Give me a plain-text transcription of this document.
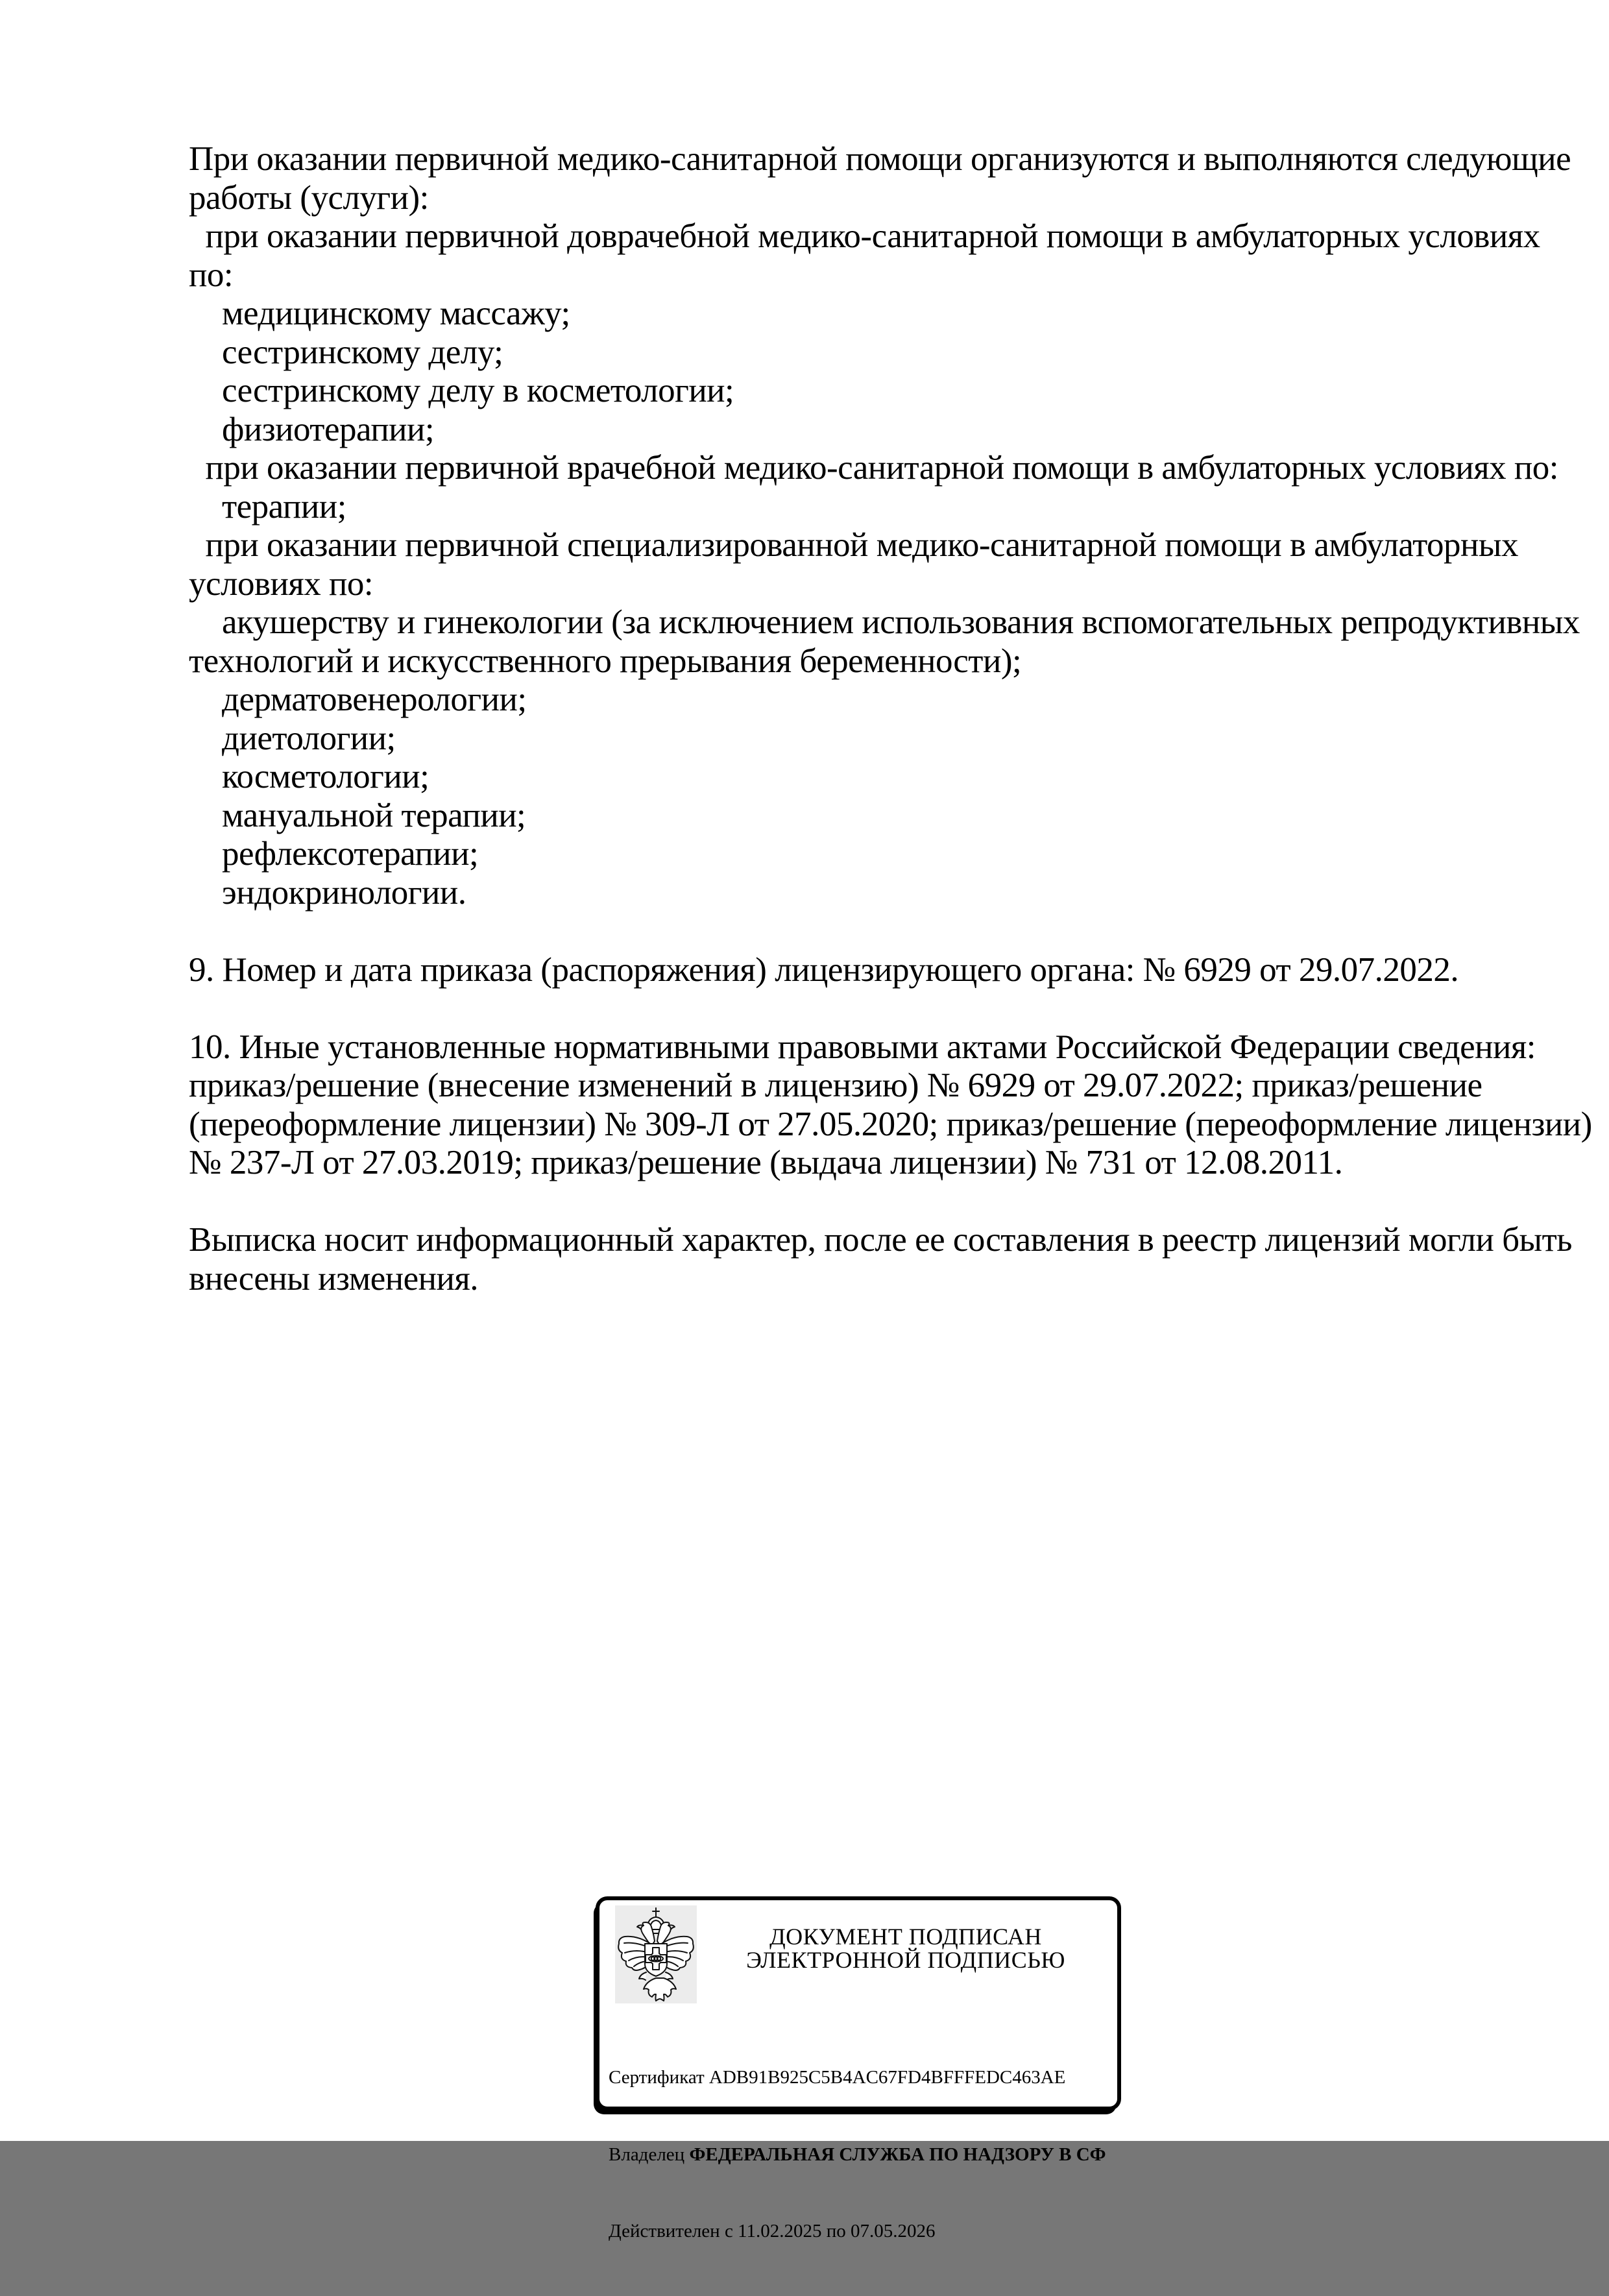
При оказании первичной медико-санитарной помощи организуются и выполняются следующие
работы (услуги):
при оказании первичной доврачебной медико-санитарной помощи в амбулаторных условиях
по:
медицинскому массажу;
сестринскому делу;
сестринскому делу в косметологии;
физиотерапии;
при оказании первичной врачебной медико-санитарной помощи в амбулаторных условиях по:
терапии;
при оказании первичной специализированной медико-санитарной помощи в амбулаторных
условиях по:
акушерству и гинекологии (за исключением использования вспомогательных репродуктивных
технологий и искусственного прерывания беременности);
дерматовенерологии;
диетологии;
косметологии;
мануальной терапии;
рефлексотерапии;
эндокринологии.

9. Номер и дата приказа (распоряжения) лицензирующего органа: № 6929 от 29.07.2022.

10. Иные установленные нормативными правовыми актами Российской Федерации сведения:
приказ/решение (внесение изменений в лицензию) № 6929 от 29.07.2022; приказ/решение
(переоформление лицензии) № 309-Л от 27.05.2020; приказ/решение (переоформление лицензии)
№ 237-Л от 27.03.2019; приказ/решение (выдача лицензии) № 731 от 12.08.2011.

Выписка носит информационный характер, после ее составления в реестр лицензий могли быть
внесены изменения.
ДОКУМЕНТ ПОДПИСАН
ЭЛЕКТРОННОЙ ПОДПИСЬЮ

Сертификат ADB91B925C5B4AC67FD4BFFFEDC463AE

Владелец ФЕДЕРАЛЬНАЯ СЛУЖБА ПО НАДЗОРУ В СФ

Действителен с 11.02.2025 по 07.05.2026
